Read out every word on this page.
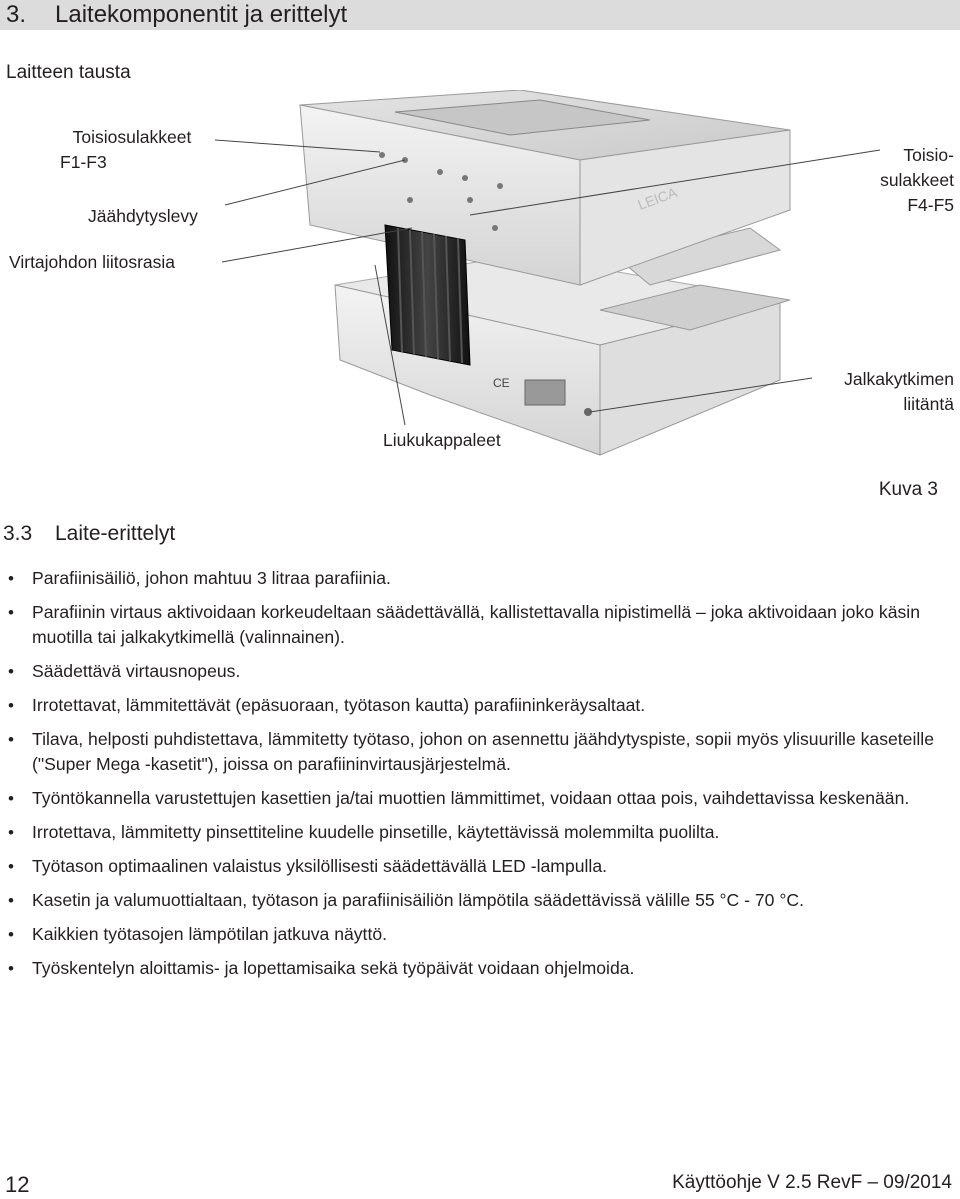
3. Laitekomponentit ja erittelyt
Laitteen tausta
Toisiosulakkeet
F1-F3
Jäähdytyslevy
Virtajohdon liitosrasia
Toisio-
sulakkeet
F4-F5
Jalkakytkimen
liitäntä
Liukukappaleet
LEICA
CE
Kuva 3
3.3 Laite-erittelyt
• Parafiinisäiliö, johon mahtuu 3 litraa parafiinia.
• Parafiinin virtaus aktivoidaan korkeudeltaan säädettävällä, kallistettavalla nipistimellä – joka aktivoidaan joko käsin muotilla tai jalkakytkimellä (valinnainen).
• Säädettävä virtausnopeus.
• Irrotettavat, lämmitettävät (epäsuoraan, työtason kautta) parafiininkeräysaltaat.
• Tilava, helposti puhdistettava, lämmitetty työtaso, johon on asennettu jäähdytyspiste, sopii myös ylisuurille kaseteille ("Super Mega -kasetit"), joissa on parafiininvirtausjärjestelmä.
• Työntökannella varustettujen kasettien ja/tai muottien lämmittimet, voidaan ottaa pois, vaihdettavissa keskenään.
• Irrotettava, lämmitetty pinsettiteline kuudelle pinsetille, käytettävissä molemmilta puolilta.
• Työtason optimaalinen valaistus yksilöllisesti säädettävällä LED -lampulla.
• Kasetin ja valumuottialtaan, työtason ja parafiinisäiliön lämpötila säädettävissä välille 55 °C - 70 °C.
• Kaikkien työtasojen lämpötilan jatkuva näyttö.
• Työskentelyn aloittamis- ja lopettamisaika sekä työpäivät voidaan ohjelmoida.
12	Käyttöohje V 2.5 RevF – 09/2014
